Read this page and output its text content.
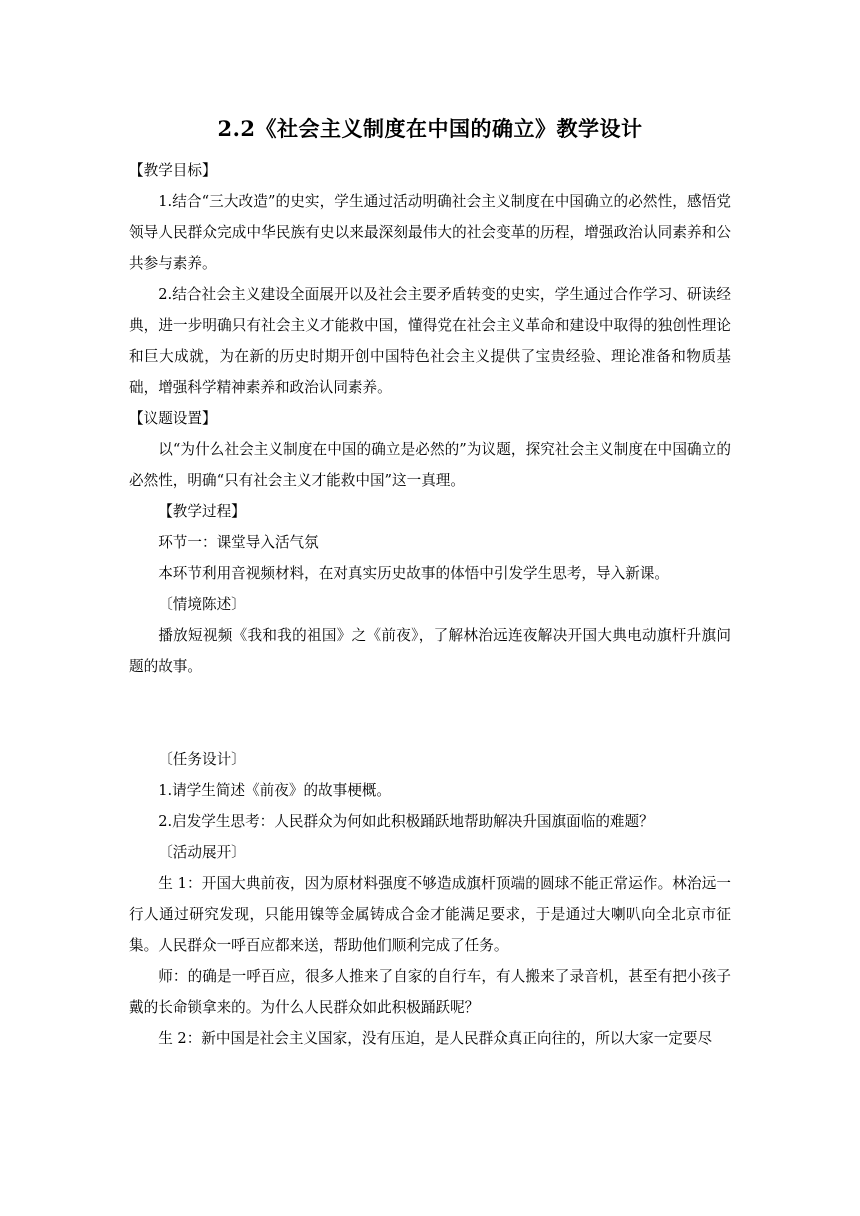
2.2《社会主义制度在中国的确立》教学设计

【教学目标】

1.结合“三大改造”的史实，学生通过活动明确社会主义制度在中国确立的必然性，感悟党领导人民群众完成中华民族有史以来最深刻最伟大的社会变革的历程，增强政治认同素养和公共参与素养。

2.结合社会主义建设全面展开以及社会主要矛盾转变的史实，学生通过合作学习、研读经典，进一步明确只有社会主义才能救中国，懂得党在社会主义革命和建设中取得的独创性理论和巨大成就，为在新的历史时期开创中国特色社会主义提供了宝贵经验、理论准备和物质基础，增强科学精神素养和政治认同素养。

【议题设置】

以“为什么社会主义制度在中国的确立是必然的”为议题，探究社会主义制度在中国确立的必然性，明确“只有社会主义才能救中国”这一真理。

【教学过程】

环节一：课堂导入活气氛

本环节利用音视频材料，在对真实历史故事的体悟中引发学生思考，导入新课。

〔情境陈述〕

播放短视频《我和我的祖国》之《前夜》，了解林治远连夜解决开国大典电动旗杆升旗问题的故事。

〔任务设计〕

1.请学生简述《前夜》的故事梗概。

2.启发学生思考：人民群众为何如此积极踊跃地帮助解决升国旗面临的难题？

〔活动展开〕

生 1：开国大典前夜，因为原材料强度不够造成旗杆顶端的圆球不能正常运作。林治远一行人通过研究发现，只能用镍等金属铸成合金才能满足要求，于是通过大喇叭向全北京市征集。人民群众一呼百应都来送，帮助他们顺利完成了任务。

师：的确是一呼百应，很多人推来了自家的自行车，有人搬来了录音机，甚至有把小孩子戴的长命锁拿来的。为什么人民群众如此积极踊跃呢？

生 2：新中国是社会主义国家，没有压迫，是人民群众真正向往的，所以大家一定要尽
